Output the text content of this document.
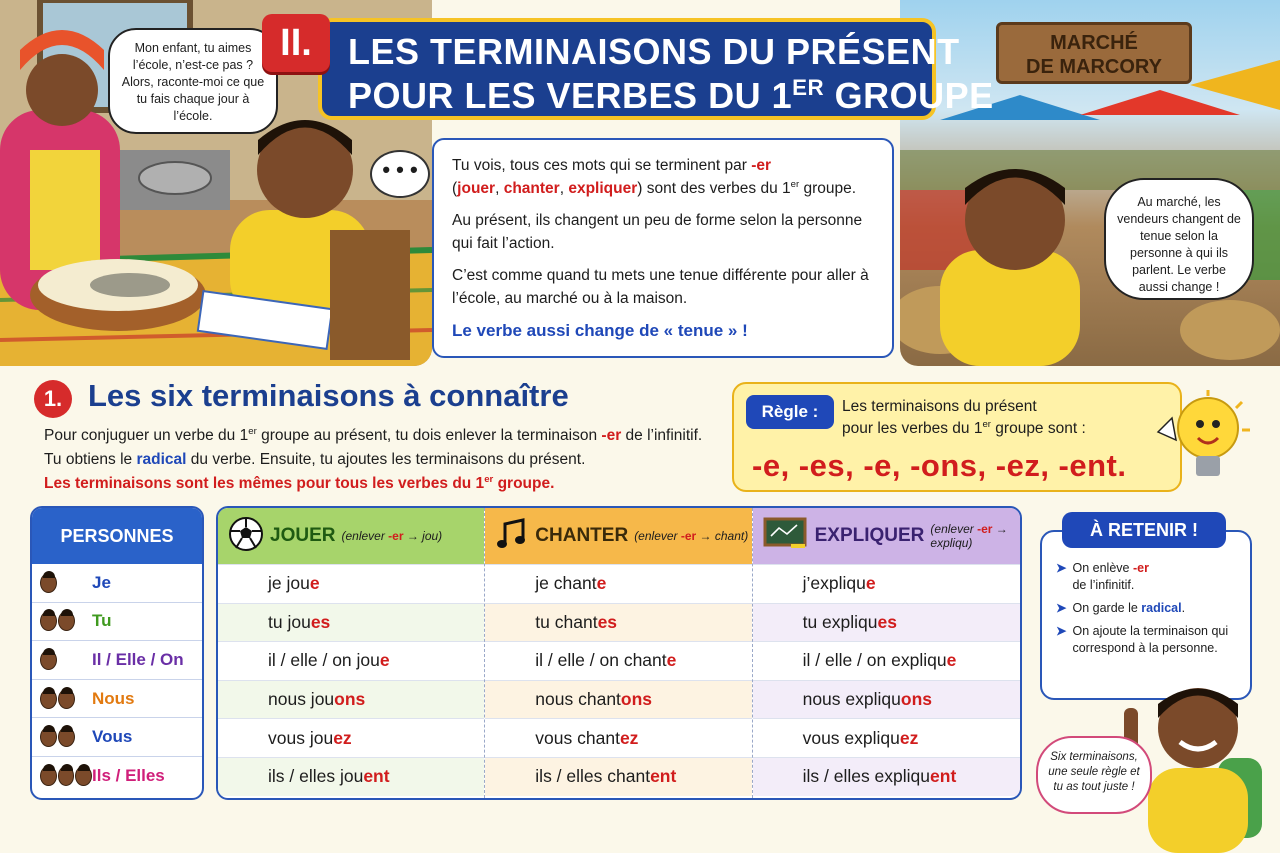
Mon enfant, tu aimes l’école, n’est-ce pas ? Alors, raconte-moi ce que tu fais chaque jour à l’école.
• • •
MARCHÉ
DE MARCORY
Au marché, les vendeurs changent de tenue selon la personne à qui ils parlent. Le verbe aussi change !
LES TERMINAISONS DU PRÉSENT
POUR LES VERBES DU 1ER GROUPE
II.

Tu vois, tous ces mots qui se terminent par -er
(jouer, chanter, expliquer) sont des verbes du 1er groupe.

Au présent, ils changent un peu de forme selon la personne qui fait l’action.

C’est comme quand tu mets une tenue différente pour aller à l’école, au marché ou à la maison.

Le verbe aussi change de « tenue » !

1. Les six terminaisons à connaître
Pour conjuguer un verbe du 1er groupe au présent, tu dois enlever la terminaison -er de l’infinitif.
Tu obtiens le radical du verbe. Ensuite, tu ajoutes les terminaisons du présent.
Les terminaisons sont les mêmes pour tous les verbes du 1er groupe.
Règle :	Les terminaisons du présent
pour les verbes du 1er groupe sont :
-e, -es, -e, -ons, -ez, -ent.
PERSONNES
Je
Tu
Il / Elle / On
Nous
Vous
Ils / Elles
JOUER (enlever -er → jou)
je jou e
tu jou es
il / elle / on jou e
nous jou ons
vous jou ez
ils / elles jou ent
CHANTER (enlever -er → chant)
je chant e
tu chant es
il / elle / on chant e
nous chant ons
vous chant ez
ils / elles chant ent
EXPLIQUER (enlever -er → expliqu)
j’expliqu e
tu expliqu es
il / elle / on expliqu e
nous expliqu ons
vous expliqu ez
ils / elles expliqu ent
➤ On enlève -er
de l’infinitif.
➤ On garde le radical.
➤ On ajoute la terminaison qui correspond à la personne.
À RETENIR !
Six terminaisons, une seule règle et tu as tout juste !
